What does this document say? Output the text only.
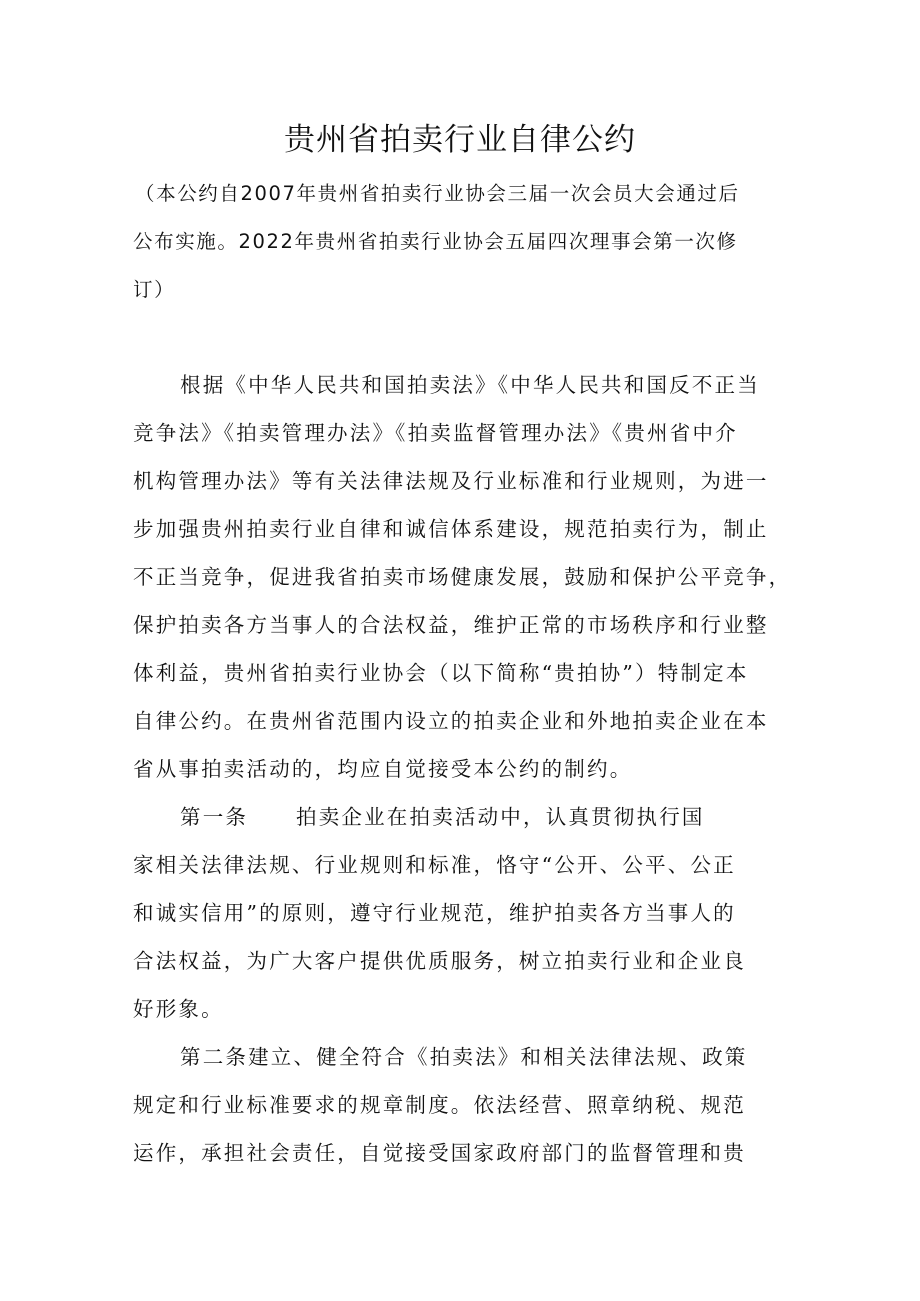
贵州省拍卖行业自律公约
（本公约自2007年贵州省拍卖行业协会三届一次会员大会通过后
公布实施。2022年贵州省拍卖行业协会五届四次理事会第一次修
订）
根据《中华人民共和国拍卖法》《中华人民共和国反不正当
竞争法》《拍卖管理办法》《拍卖监督管理办法》《贵州省中介
机构管理办法》等有关法律法规及行业标准和行业规则，为进一
步加强贵州拍卖行业自律和诚信体系建设，规范拍卖行为，制止
不正当竞争，促进我省拍卖市场健康发展，鼓励和保护公平竞争，
保护拍卖各方当事人的合法权益，维护正常的市场秩序和行业整
体利益，贵州省拍卖行业协会（以下简称“贵拍协”）特制定本
自律公约。在贵州省范围内设立的拍卖企业和外地拍卖企业在本
省从事拍卖活动的，均应自觉接受本公约的制约。
第一条 拍卖企业在拍卖活动中，认真贯彻执行国
家相关法律法规、行业规则和标准，恪守“公开、公平、公正
和诚实信用”的原则，遵守行业规范，维护拍卖各方当事人的
合法权益，为广大客户提供优质服务，树立拍卖行业和企业良
好形象。
第二条建立、健全符合《拍卖法》和相关法律法规、政策
规定和行业标准要求的规章制度。依法经营、照章纳税、规范
运作，承担社会责任，自觉接受国家政府部门的监督管理和贵
